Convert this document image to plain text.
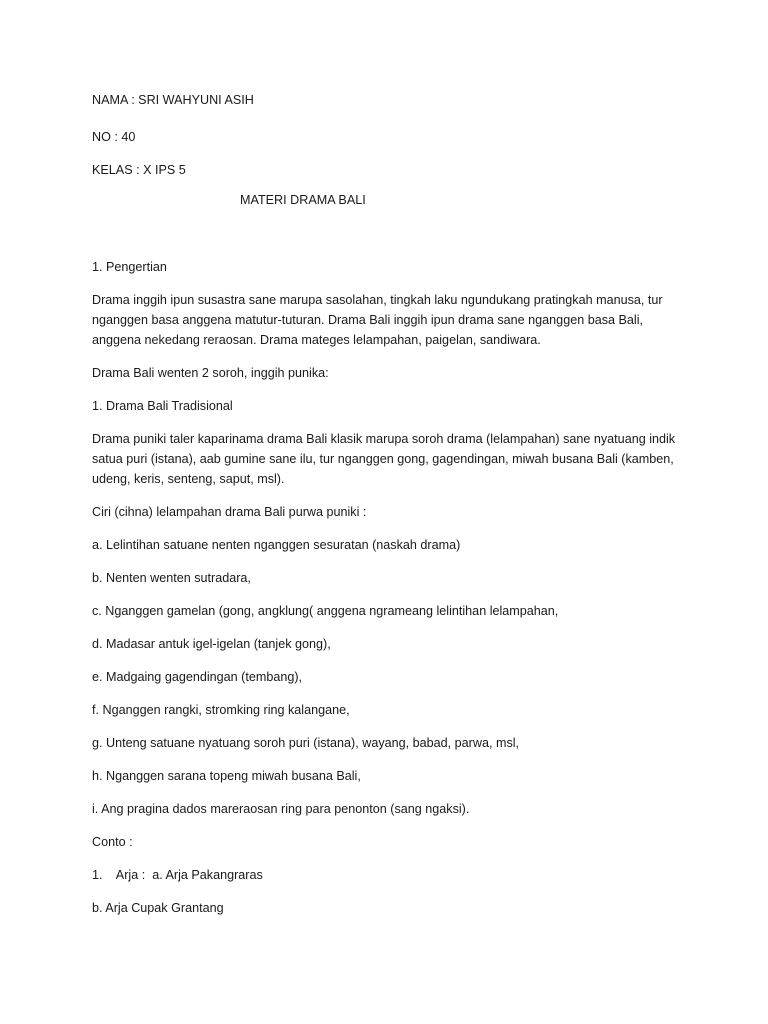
NAMA : SRI WAHYUNI ASIH
NO : 40
KELAS : X IPS 5
MATERI DRAMA BALI
1. Pengertian
Drama inggih ipun susastra sane marupa sasolahan, tingkah laku ngundukang pratingkah manusa, tur
nganggen basa anggena matutur-tuturan. Drama Bali inggih ipun drama sane nganggen basa Bali,
anggena nekedang reraosan. Drama mateges lelampahan, paigelan, sandiwara.
Drama Bali wenten 2 soroh, inggih punika:
1. Drama Bali Tradisional
Drama puniki taler kaparinama drama Bali klasik marupa soroh drama (lelampahan) sane nyatuang indik
satua puri (istana), aab gumine sane ilu, tur nganggen gong, gagendingan, miwah busana Bali (kamben,
udeng, keris, senteng, saput, msl).
Ciri (cihna) lelampahan drama Bali purwa puniki :
a. Lelintihan satuane nenten nganggen sesuratan (naskah drama)
b. Nenten wenten sutradara,
c. Nganggen gamelan (gong, angklung( anggena ngrameang lelintihan lelampahan,
d. Madasar antuk igel-igelan (tanjek gong),
e. Madgaing gagendingan (tembang),
f. Nganggen rangki, stromking ring kalangane,
g. Unteng satuane nyatuang soroh puri (istana), wayang, babad, parwa, msl,
h. Nganggen sarana topeng miwah busana Bali,
i. Ang pragina dados mareraosan ring para penonton (sang ngaksi).
Conto :
1.    Arja :  a. Arja Pakangraras
b. Arja Cupak Grantang
